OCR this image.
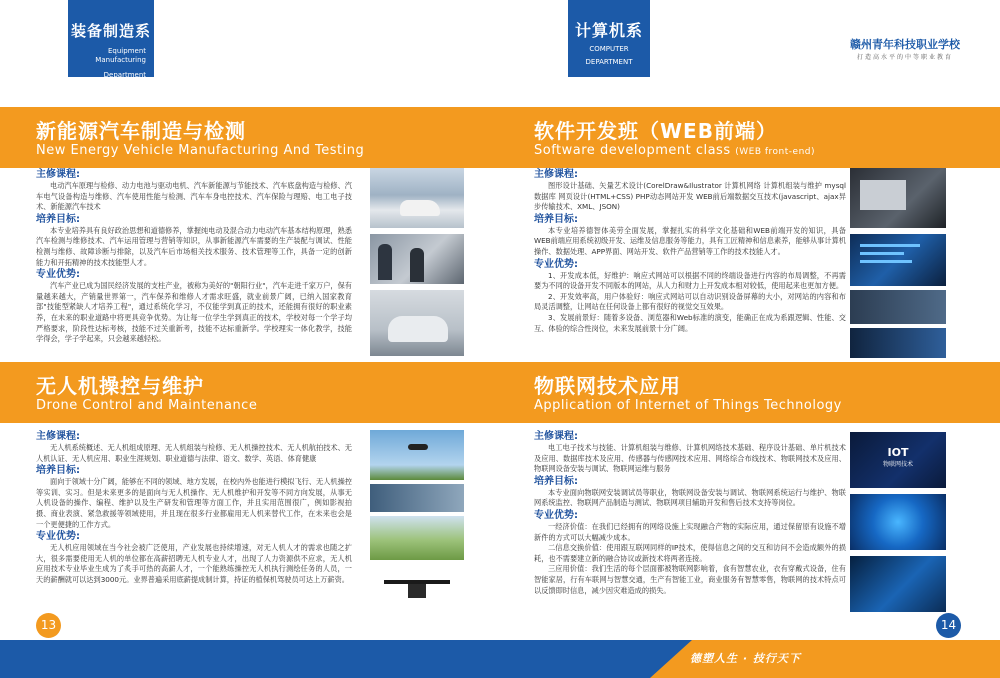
装备制造系
Equipment Manufacturing
Department
计算机系
COMPUTER
DEPARTMENT
赣州青年科技职业学校
打造高水平的中等职业教育
新能源汽车制造与检测
New Energy Vehicle Manufacturing And Testing
主修课程:

电动汽车原理与检修、动力电池与驱动电机、汽车新能源与节能技术、汽车底盘构造与检修、汽车电气设备构造与维修、汽车使用性能与检测、汽车车身电控技术、汽车保险与理赔、电工电子技术、新能源汽车技术

培养目标:

本专业培养具有良好政治思想和道德修养，掌握纯电动及混合动力电动汽车基本结构原理，熟悉汽车检测与维修技术、汽车运用管理与营销等知识，从事新能源汽车需要的生产装配与调试、性能检测与维修、故障诊断与排除，以及汽车后市场相关技术服务、技术管理等工作，具备一定的创新能力和开拓精神的技术技能型人才。

专业优势:

汽车产业已成为国民经济发展的支柱产业，被称为美好的"朝阳行业"，汽车走进千家万户，保有量越来越大，产销量世界第一，汽车保养和维修人才需求旺盛，就业前景广阔，已纳入国家教育部"技能型紧缺人才培养工程"，通过系统化学习，不仅能学到真正的技术，还能拥有很好的职业素养，在未来的职业道路中将更具竞争优势。为让每一位学生学到真正的技术，学校对每一个学子均严格要求，阶段性达标考核，技能不过关重新考，技能不达标重新学。学校理实一体化教学，技能学得会，学子学起来，只会越来越轻松。

软件开发班（WEB前端）
Software development class (WEB front-end)
主修课程:

图形设计基础、矢量艺术设计(CorelDraw&Ilustrator 计算机网络 计算机组装与维护 mysql数据库 网页设计(HTML+CSS) PHP动态网站开发 WEB前后端数据交互技术(javascript、ajax异步传输技术、XML、JSON)

培养目标:

本专业培养德智体美劳全面发展，掌握扎实的科学文化基础和WEB前端开发的知识，具备WEB前端应用系统初级开发、运维及信息服务等能力，具有工匠精神和信息素养，能够从事计算机操作、数据处理、APP界面、网站开发、软件产品营销等工作的技术技能人才。

专业优势:

1、开发成本低，好维护：响应式网站可以根据不同的终端设备进行内容的布局调整，不再需要为不同的设备开发不同版本的网站，从人力和财力上开发成本相对较低，使用起来也更加方便。

2、开发效率高，用户体验好：响应式网站可以自动识别设备屏幕的大小，对网站的内容和布局灵活调整，让网站在任何设备上都有很好的视觉交互效果。

3、发展前景好：随着多设备、浏览器和Web标准的演变，能确正在成为系跟逻辑、性能、交互、体验的综合性岗位，未来发展前景十分广阔。

无人机操控与维护
Drone Control and Maintenance
主修课程:

无人机系统概述、无人机组成原理、无人机组装与检修、无人机操控技术、无人机航拍技术、无人机认证、无人机应用、职业生涯规划、职业道德与法律、语文、数学、英语、体育健康

培养目标:

面向于领域十分广阔，能够在不同的领域、地方发展，在校内外也能进行模拟飞行、无人机操控等实训、实习。但是未来更多的是面向与无人机操作、无人机维护和开发等不同方向发展，从事无人机设备的操作、编程、维护以及生产研发和管理等方面工作，并且实用范围很广，例如影视拍摄、商业表演、紧急救援等领域使用，并且现在很多行业都雇用无人机来替代工作，在未来也会是一个更便捷的工作方式。

专业优势:

无人机应用领域在当今社会被广泛使用，产业发展也持续增速，对无人机人才的需求也随之扩大，很多需要使用无人机的单位都在高薪招聘无人机专业人才，出现了人力资源供不应求，无人机应用技术专业毕业生成为了炙手可热的高薪人才，一个能熟练操控无人机执行测绘任务的人员，一天的薪酬就可以达到3000元。业界普遍采用底薪提成制计算，持证的植保机驾驶员可达上万薪资。

物联网技术应用
Application of Internet of Things Technology
主修课程:

电工电子技术与技能、计算机组装与维修、计算机网络技术基础、程序设计基础、单片机技术及应用、数据库技术及应用、传感器与传感网技术应用、网络综合布线技术、物联网技术及应用、物联网设备安装与调试、物联网运维与服务

培养目标:

本专业面向物联网安装调试员等职业，物联网设备安装与调试、物联网系统运行与维护、物联网系统监控、物联网产品制造与测试、物联网项目辅助开发和售后技术支持等岗位。

专业优势:

一经济价值：在我们已经拥有的网络设施上实现融合产物的实际应用，通过保留原有设施不增新件的方式可以大幅减少成本。

二信息交换价值：使用跟互联网同样的IP技术，使得信息之间的交互和访问不会造成额外的损耗，也不需要建立新的融合协议或新技术将两者连接。

三应用价值：我们生活的每个层面都被物联网影响着，食有智慧农业，衣有穿戴式设备，住有智能家居，行有车联网与智慧交通，生产有智能工业，商业服务有智慧零售，物联网的技术特点可以反馈即时信息，减少因灾难造成的损失。

IOT
物联网技术
13	14
德塑人生 · 技行天下
